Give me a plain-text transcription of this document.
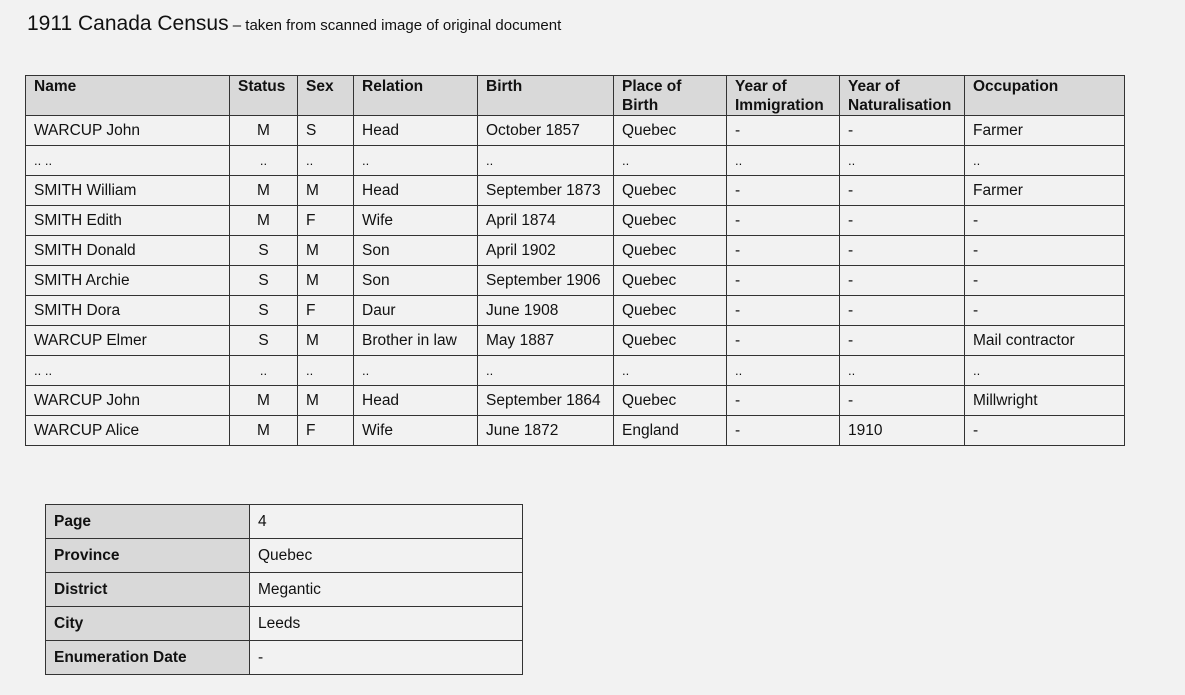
1911 Canada Census – taken from scanned image of original document
Name	Status	Sex	Relation	Birth	Place of Birth	Year of Immigration	Year of Naturalisation	Occupation
WARCUP John	M	S	Head	October 1857	Quebec	-	-	Farmer
.. ..	..	..	..	..	..	..	..	..
SMITH William	M	M	Head	September 1873	Quebec	-	-	Farmer
SMITH Edith	M	F	Wife	April 1874	Quebec	-	-	-
SMITH Donald	S	M	Son	April 1902	Quebec	-	-	-
SMITH Archie	S	M	Son	September 1906	Quebec	-	-	-
SMITH Dora	S	F	Daur	June 1908	Quebec	-	-	-
WARCUP Elmer	S	M	Brother in law	May 1887	Quebec	-	-	Mail contractor
.. ..	..	..	..	..	..	..	..	..
WARCUP John	M	M	Head	September 1864	Quebec	-	-	Millwright
WARCUP Alice	M	F	Wife	June 1872	England	-	1910	-
Page	4
Province	Quebec
District	Megantic
City	Leeds
Enumeration Date	-
